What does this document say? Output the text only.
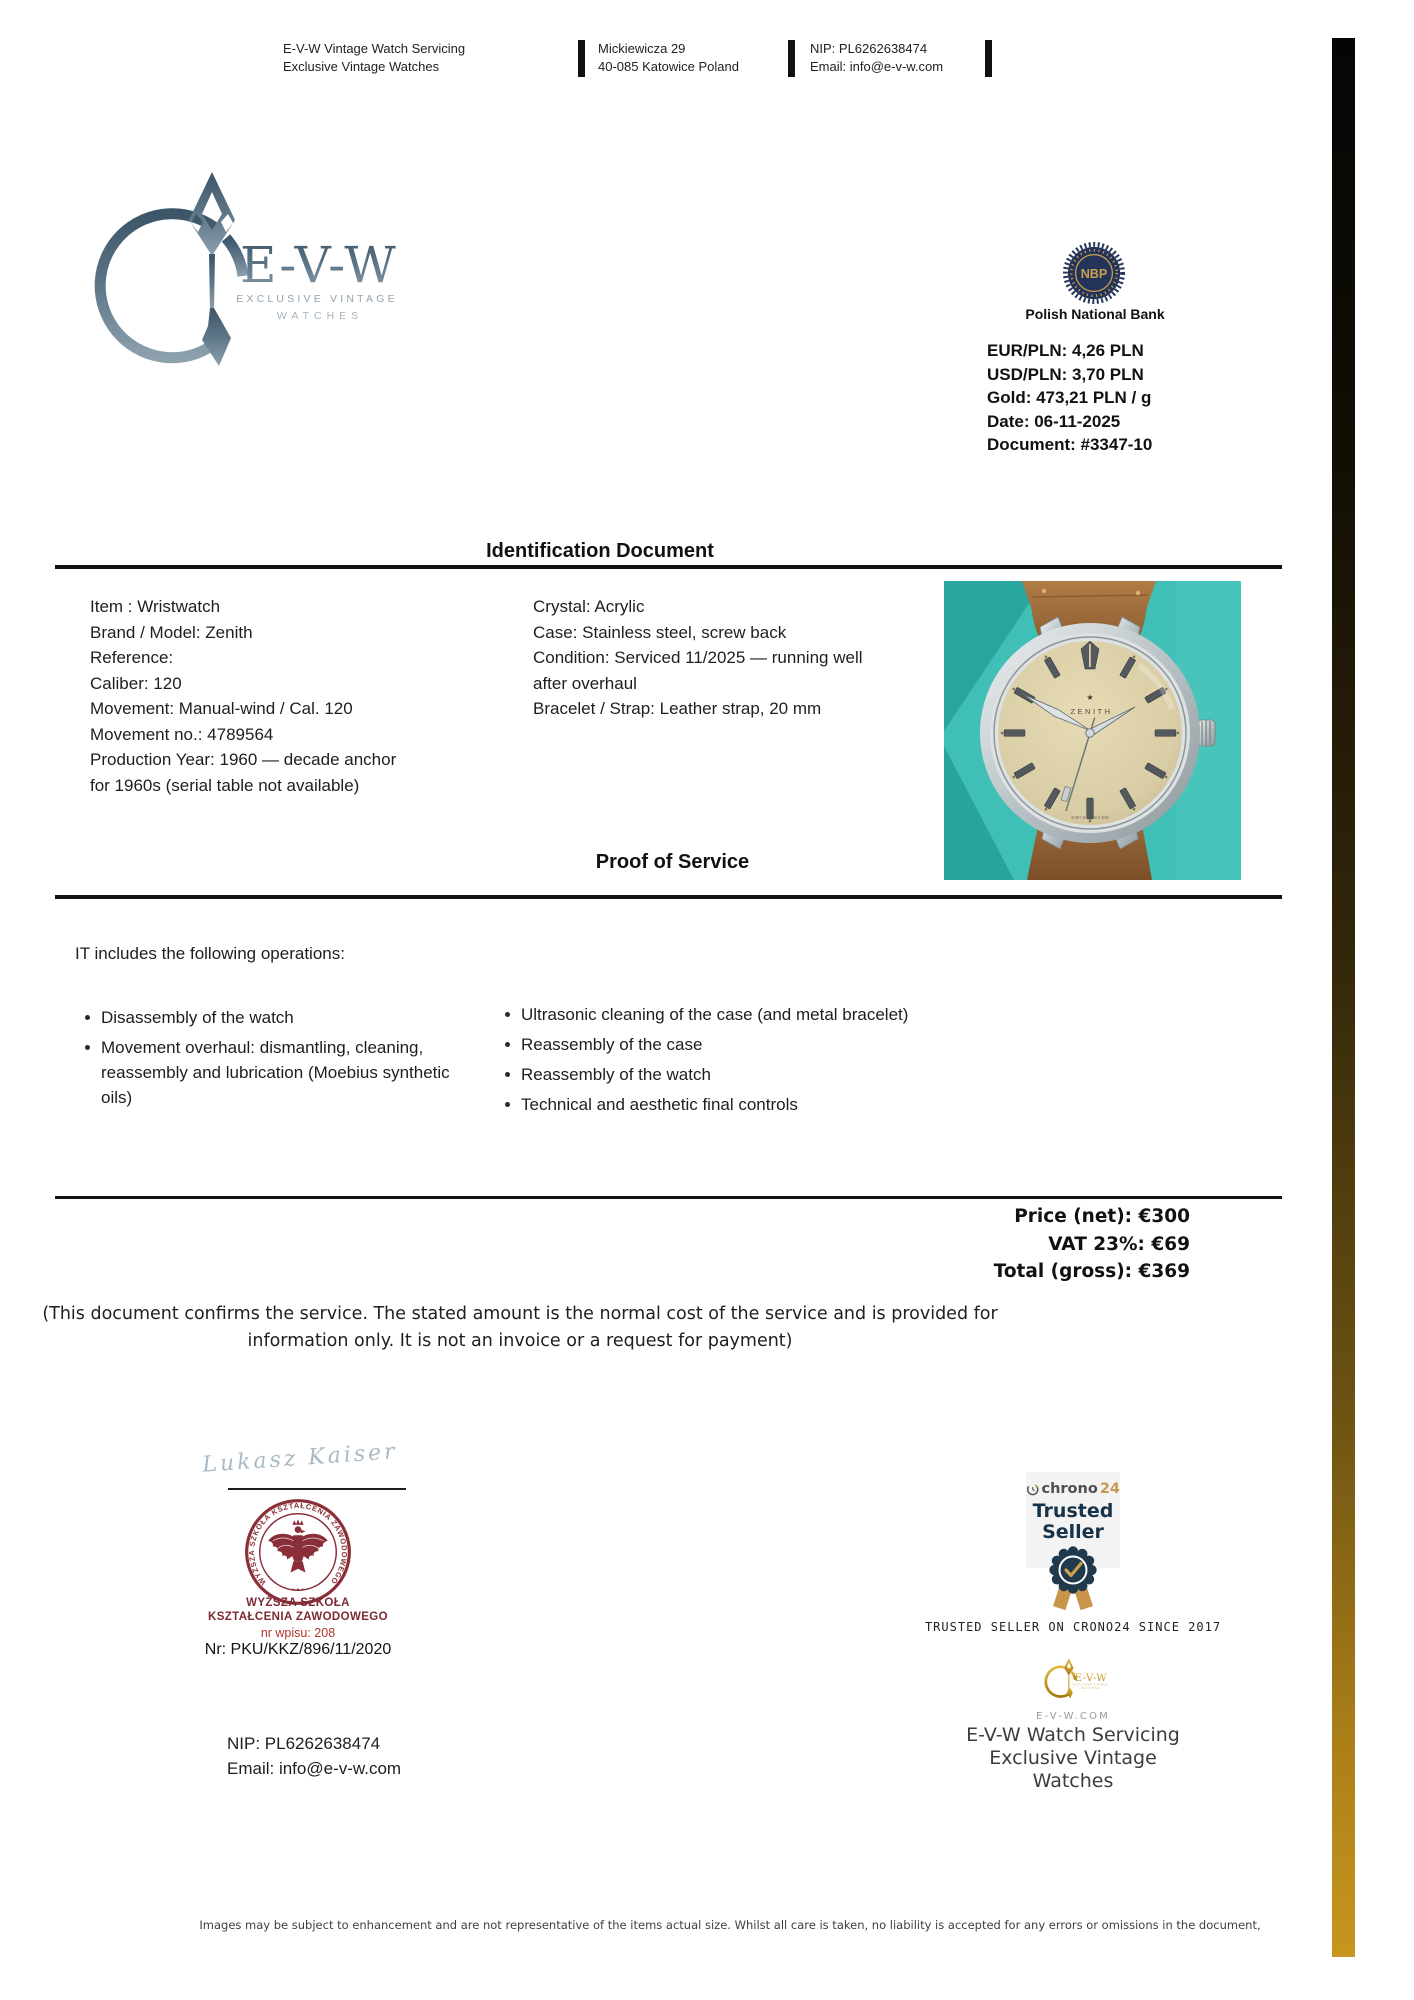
E-V-W Vintage Watch Servicing
Exclusive Vintage Watches
Mickiewicza 29
40-085 Katowice Poland
NIP: PL6262638474
Email: info@e-v-w.com
E-V-W
EXCLUSIVE VINTAGE
WATCHES
NBP
Polish National Bank
EUR/PLN: 4,26 PLN
USD/PLN: 3,70 PLN
Gold: 473,21 PLN / g
Date: 06-11-2025
Document: #3347-10
Identification Document
Item : Wristwatch
Brand / Model: Zenith
Reference:
Caliber: 120
Movement: Manual-wind / Cal. 120
Movement no.: 4789564
Production Year: 1960 — decade anchor for 1960s (serial table not available)
Crystal: Acrylic
Case: Stainless steel, screw back
Condition: Serviced 11/2025 — running well after overhaul
Bracelet / Strap: Leather strap, 20 mm
★
ZENITH
SWISS MADE
Proof of Service
IT includes the following operations:
Disassembly of the watch
Movement overhaul: dismantling, cleaning, reassembly and lubrication (Moebius synthetic oils)
Ultrasonic cleaning of the case (and metal bracelet)
Reassembly of the case
Reassembly of the watch
Technical and aesthetic final controls
Price (net): €300
VAT 23%: €69
Total (gross): €369
(This document confirms the service. The stated amount is the normal cost of the service and is provided for information only. It is not an invoice or a request for payment)
Lukasz Kaiser
WYŻSZA SZKOŁA KSZTAŁCENIA ZAWODOWEGO
• • •
WYŻSZA SZKOŁA
KSZTAŁCENIA ZAWODOWEGO
nr wpisu: 208
Nr: PKU/KKZ/896/11/2020
NIP: PL6262638474
Email: info@e-v-w.com
chrono 24
Trusted
Seller
TRUSTED SELLER ON CRONO24 SINCE 2017
E-V-W
EXCLUSIVE VINTAGE
WATCHES
E-V-W.COM
E-V-W Watch Servicing
Exclusive Vintage Watches
Images may be subject to enhancement and are not representative of the items actual size. Whilst all care is taken, no liability is accepted for any errors or omissions in the document,
